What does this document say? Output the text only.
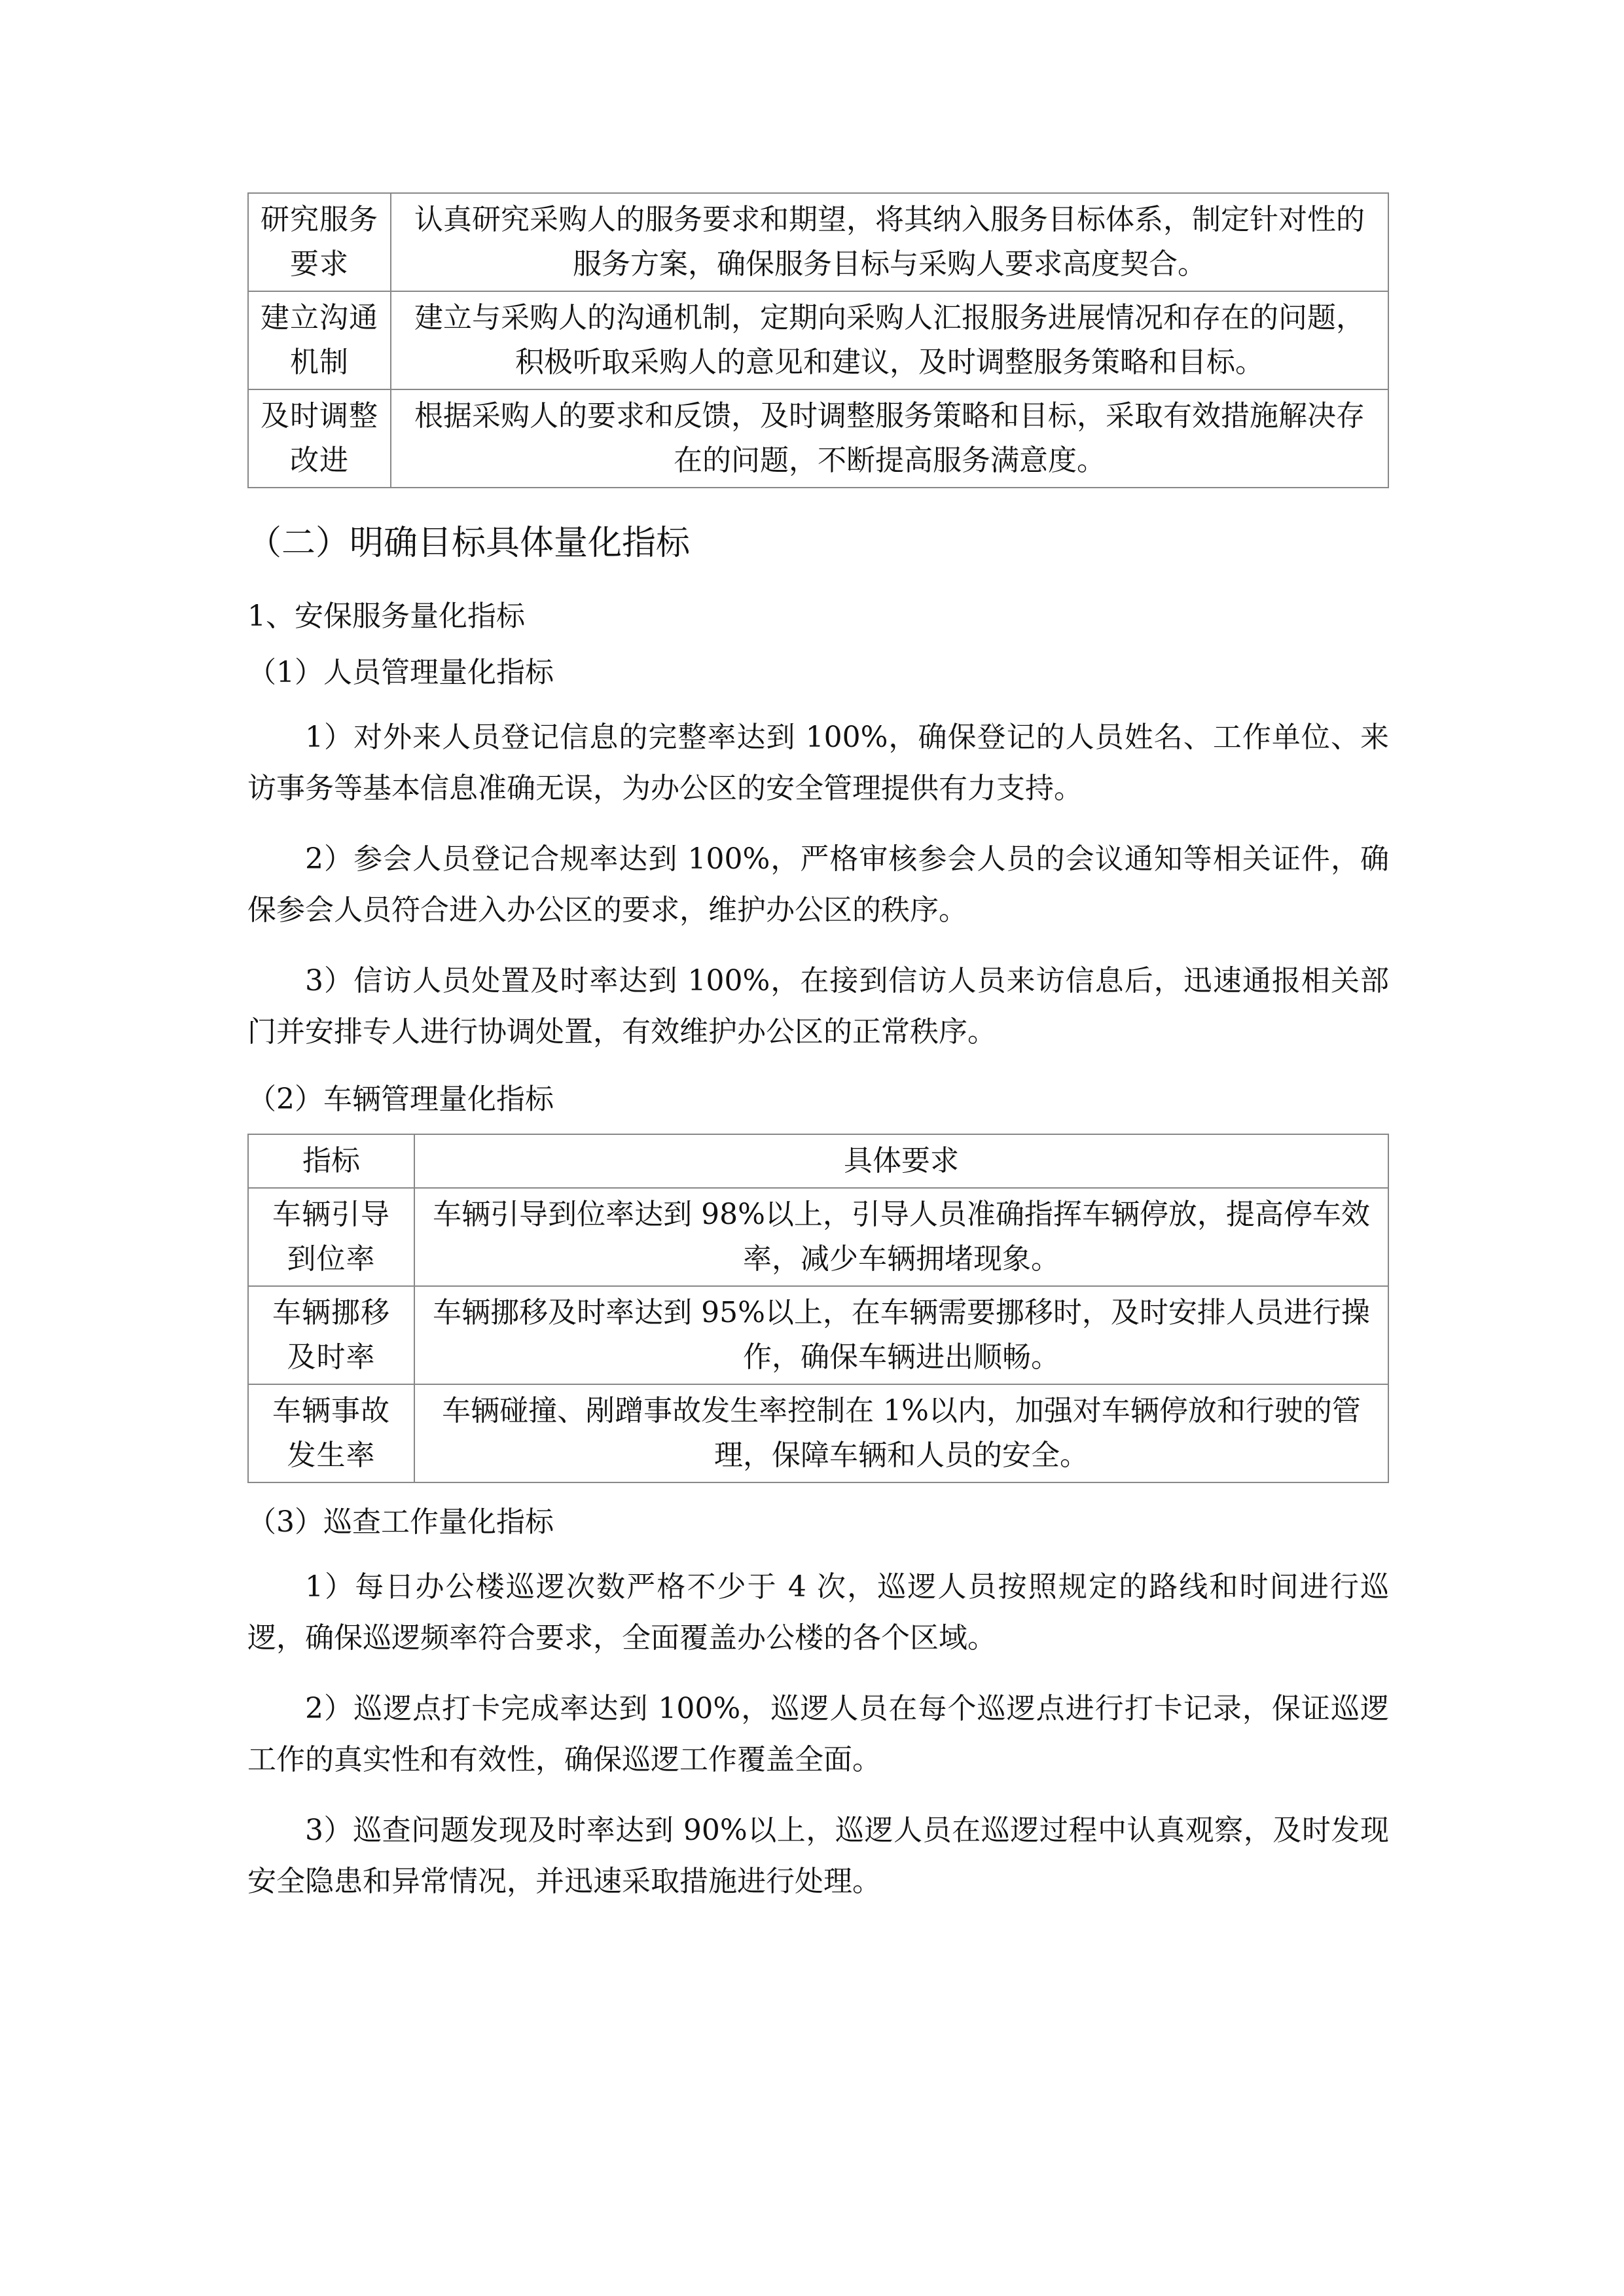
研究服务要求	认真研究采购人的服务要求和期望，将其纳入服务目标体系，制定针对性的服务方案，确保服务目标与采购人要求高度契合。
建立沟通机制	建立与采购人的沟通机制，定期向采购人汇报服务进展情况和存在的问题，积极听取采购人的意见和建议，及时调整服务策略和目标。
及时调整改进	根据采购人的要求和反馈，及时调整服务策略和目标，采取有效措施解决存在的问题，不断提高服务满意度。
（二）明确目标具体量化指标
1、安保服务量化指标
（1）人员管理量化指标

1）对外来人员登记信息的完整率达到 100%，确保登记的人员姓名、工作单位、来访事务等基本信息准确无误，为办公区的安全管理提供有力支持。

2）参会人员登记合规率达到 100%，严格审核参会人员的会议通知等相关证件，确保参会人员符合进入办公区的要求，维护办公区的秩序。

3）信访人员处置及时率达到 100%，在接到信访人员来访信息后，迅速通报相关部门并安排专人进行协调处置，有效维护办公区的正常秩序。

（2）车辆管理量化指标
指标	具体要求
车辆引导到位率	车辆引导到位率达到 98%以上，引导人员准确指挥车辆停放，提高停车效率，减少车辆拥堵现象。
车辆挪移及时率	车辆挪移及时率达到 95%以上，在车辆需要挪移时，及时安排人员进行操作，确保车辆进出顺畅。
车辆事故发生率	车辆碰撞、剐蹭事故发生率控制在 1%以内，加强对车辆停放和行驶的管理，保障车辆和人员的安全。
（3）巡查工作量化指标

1）每日办公楼巡逻次数严格不少于 4 次，巡逻人员按照规定的路线和时间进行巡逻，确保巡逻频率符合要求，全面覆盖办公楼的各个区域。

2）巡逻点打卡完成率达到 100%，巡逻人员在每个巡逻点进行打卡记录，保证巡逻工作的真实性和有效性，确保巡逻工作覆盖全面。

3）巡查问题发现及时率达到 90%以上，巡逻人员在巡逻过程中认真观察，及时发现安全隐患和异常情况，并迅速采取措施进行处理。
